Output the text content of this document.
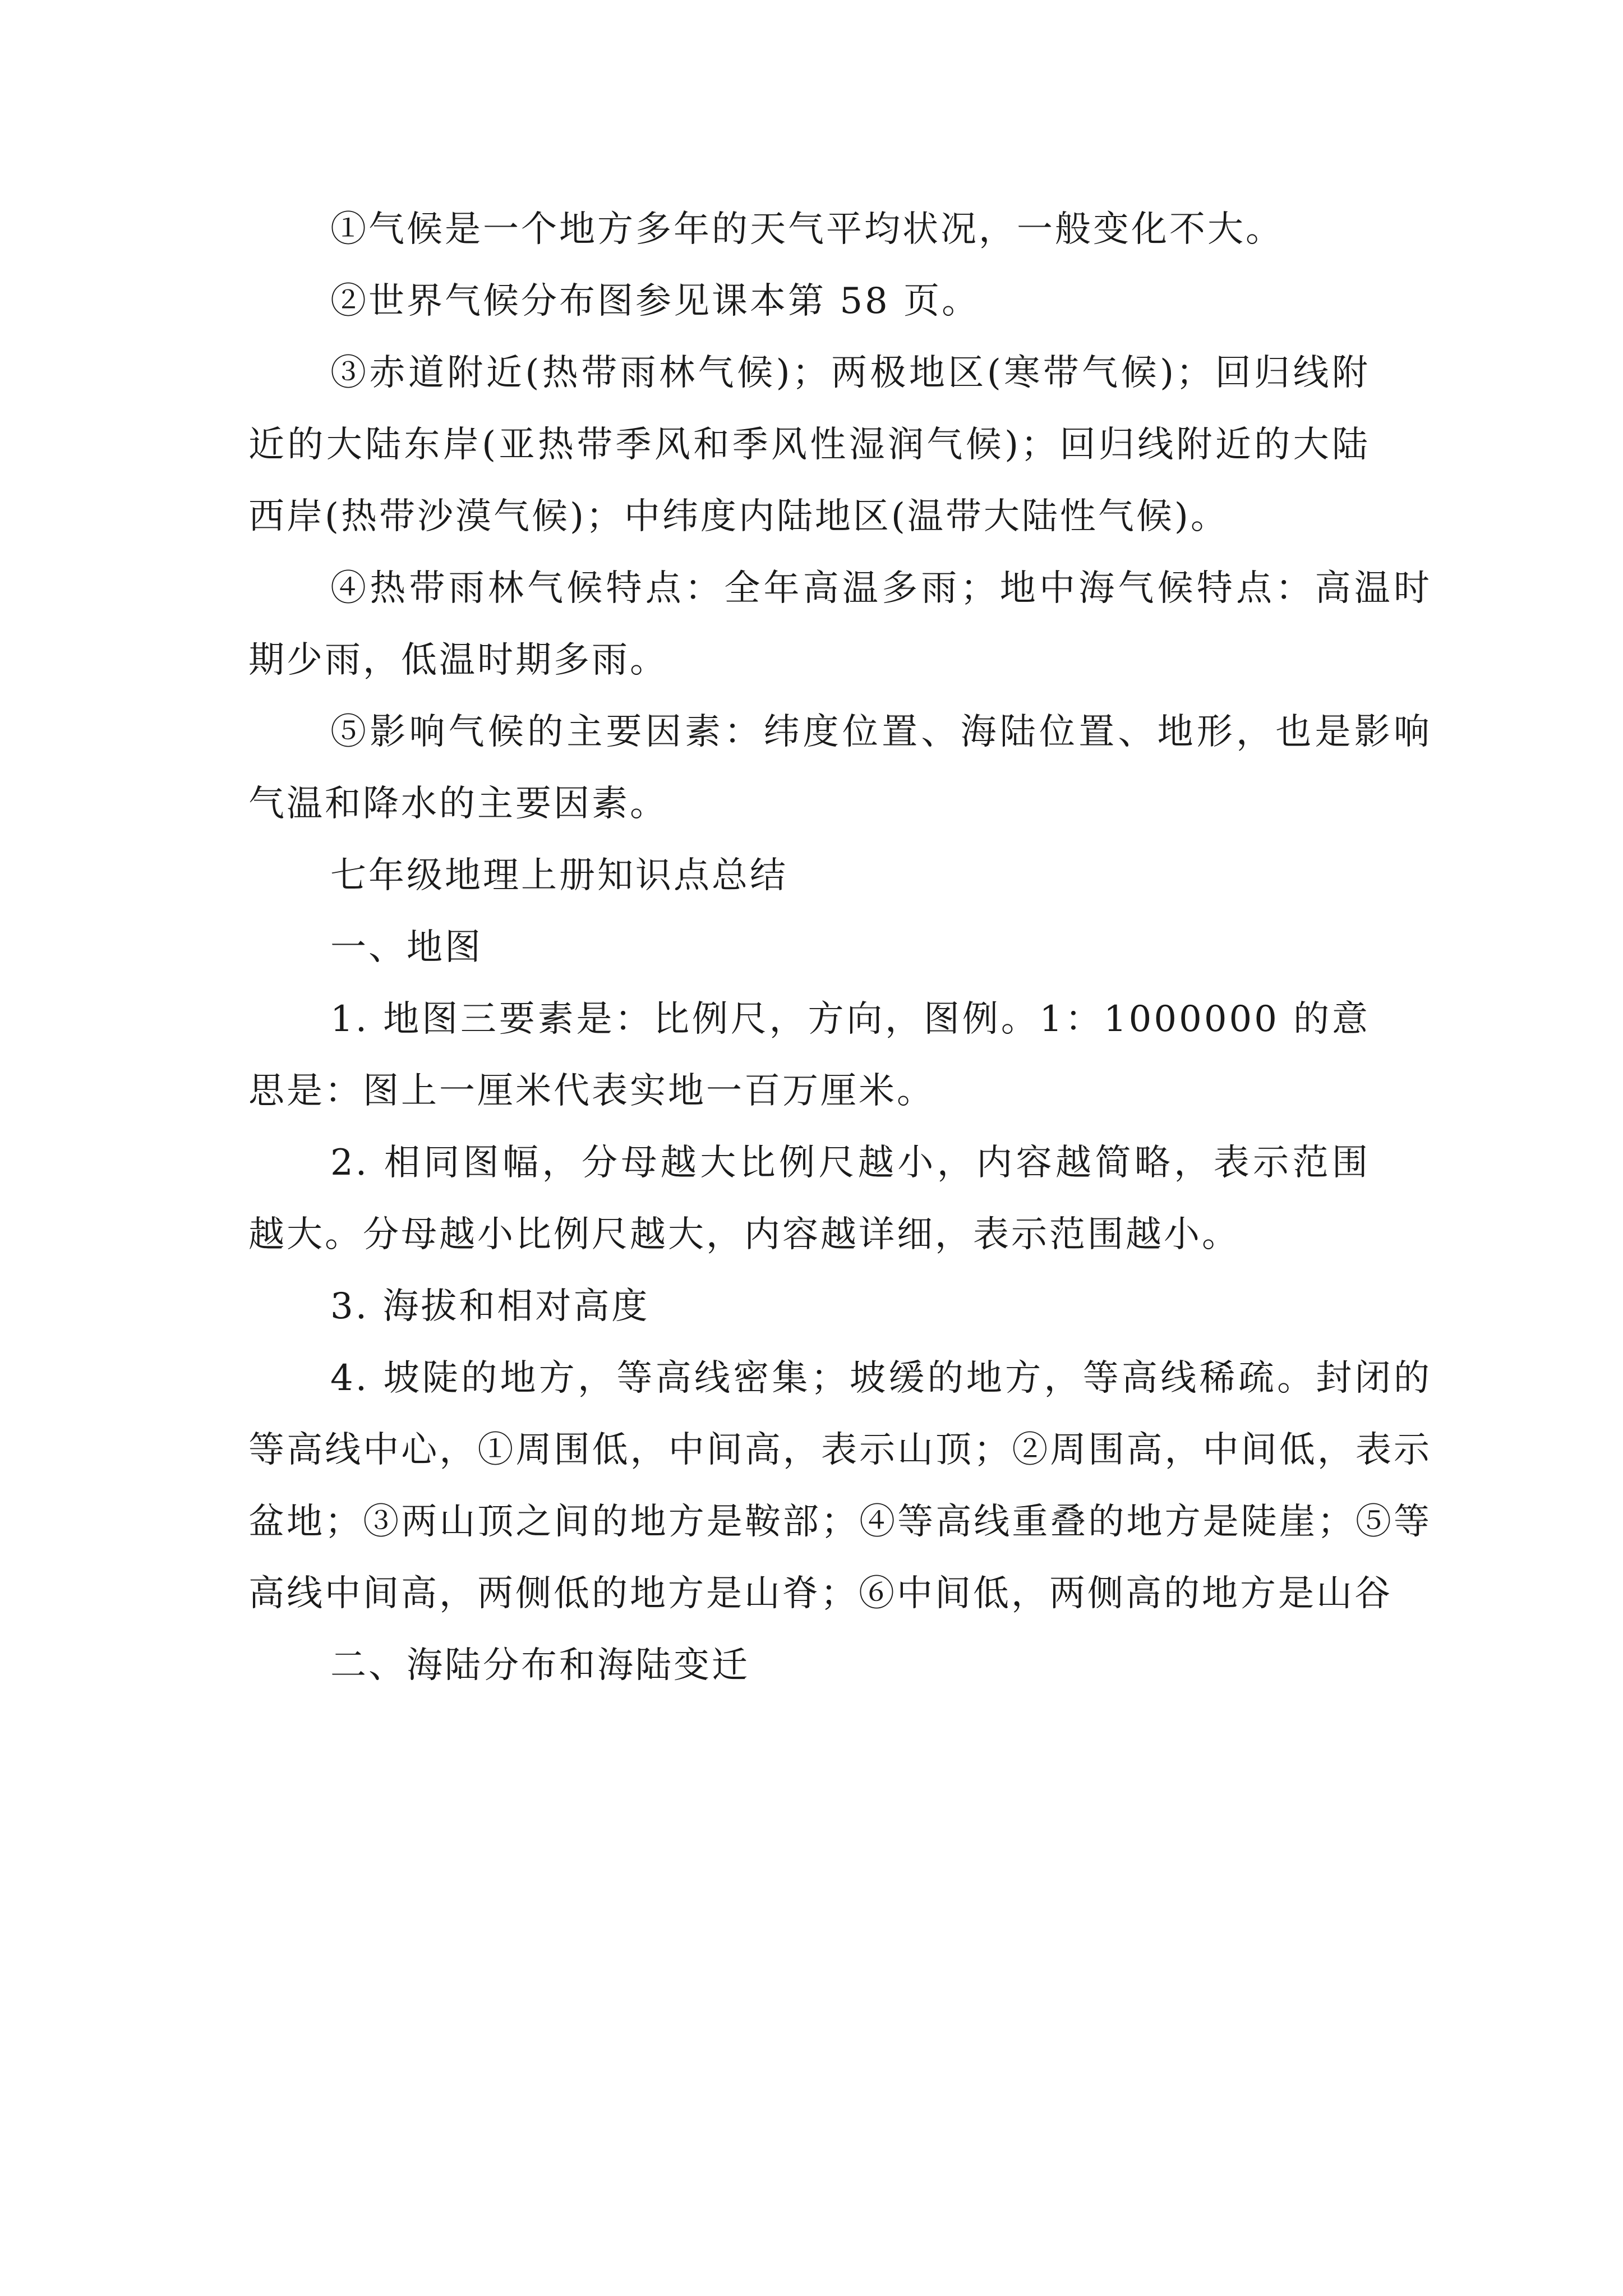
①气候是一个地方多年的天气平均状况，一般变化不大。

②世界气候分布图参见课本第 58 页。

③赤道附近(热带雨林气候)；两极地区(寒带气候)；回归线附近的大陆东岸(亚热带季风和季风性湿润气候)；回归线附近的大陆西岸(热带沙漠气候)；中纬度内陆地区(温带大陆性气候)。

④热带雨林气候特点：全年高温多雨；地中海气候特点：高温时期少雨，低温时期多雨。

⑤影响气候的主要因素：纬度位置、海陆位置、地形，也是影响气温和降水的主要因素。

七年级地理上册知识点总结

一、地图

1. 地图三要素是：比例尺，方向，图例。1：1000000 的意思是：图上一厘米代表实地一百万厘米。

2. 相同图幅，分母越大比例尺越小，内容越简略，表示范围越大。分母越小比例尺越大，内容越详细，表示范围越小。

3. 海拔和相对高度

4. 坡陡的地方，等高线密集；坡缓的地方，等高线稀疏。封闭的等高线中心，①周围低，中间高，表示山顶；②周围高，中间低，表示盆地；③两山顶之间的地方是鞍部；④等高线重叠的地方是陡崖；⑤等高线中间高，两侧低的地方是山脊；⑥中间低，两侧高的地方是山谷

二、海陆分布和海陆变迁
